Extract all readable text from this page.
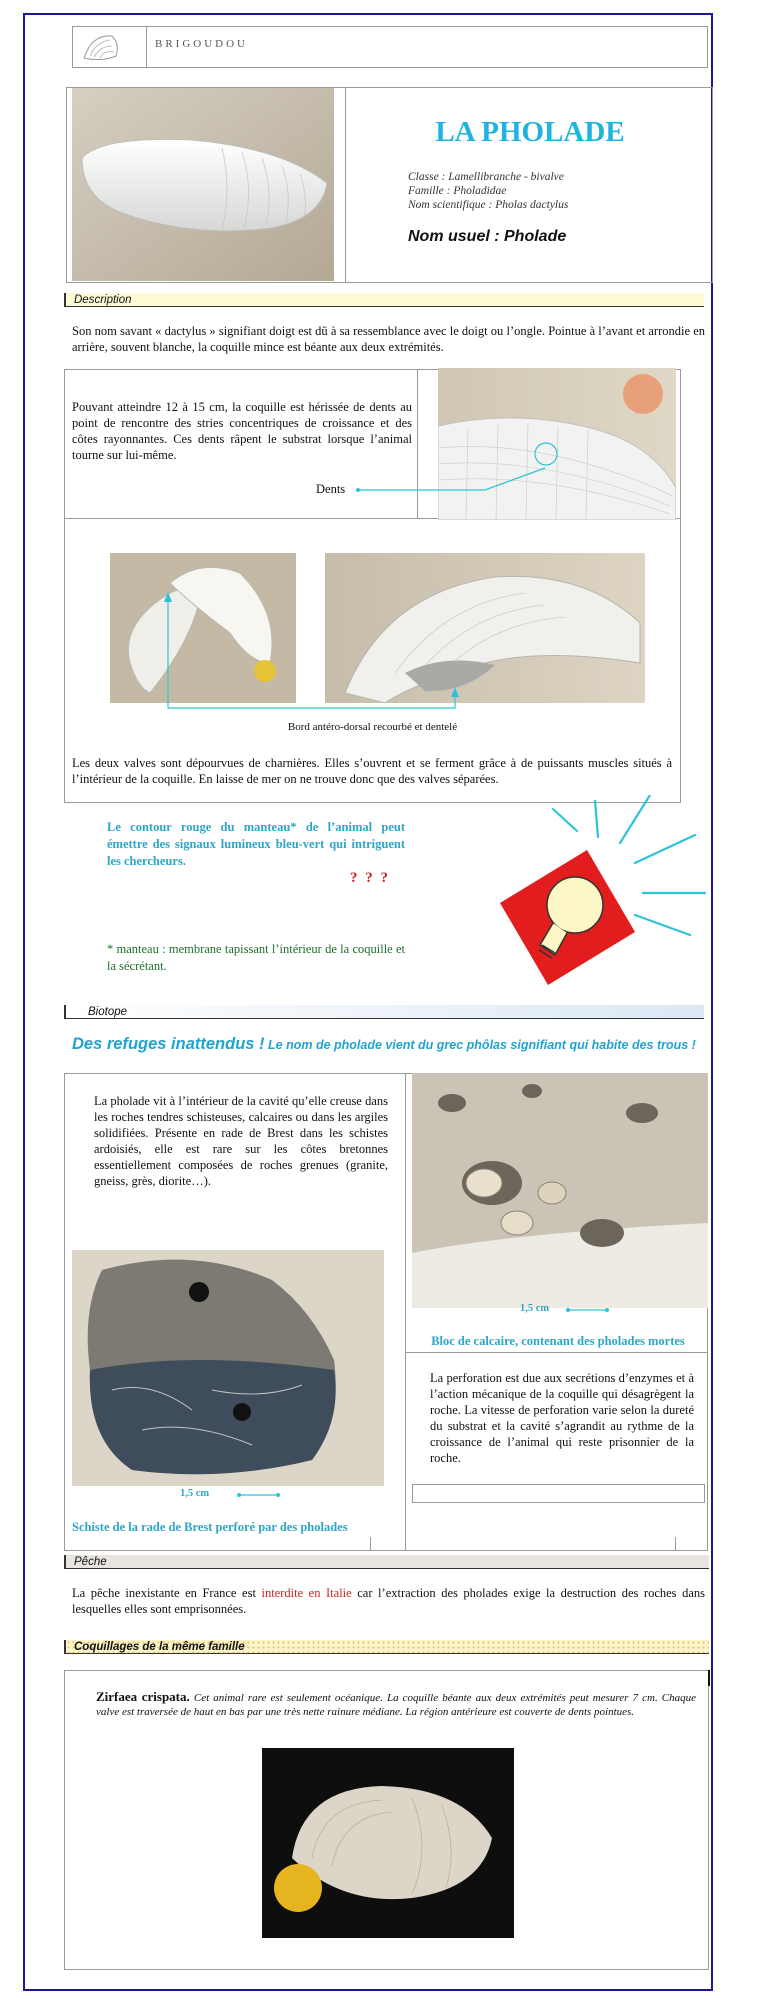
BRIGOUDOU
LA PHOLADE
Classe : Lamellibranche - bivalve
Famille : Pholadidae
Nom scientifique : Pholas dactylus
Nom usuel : Pholade
Description
Son nom savant « dactylus » signifiant doigt est dû à sa ressemblance avec le doigt ou l’ongle. Pointue à l’avant et arrondie en arrière, souvent blanche, la coquille mince est béante aux deux extrémités.
Pouvant atteindre 12 à 15 cm, la coquille est hérissée de dents au point de rencontre des stries concentriques de croissance et des côtes rayonnantes. Ces dents râpent le substrat lorsque l’animal tourne sur lui-même.
Dents
Bord antéro-dorsal recourbé et dentelé
Les deux valves sont dépourvues de charnières. Elles s’ouvrent et se ferment grâce à de puissants muscles situés à l’intérieur de la coquille. En laisse de mer on ne trouve donc que des valves séparées.
Le contour rouge du manteau* de l’animal peut émettre des signaux lumineux bleu-vert qui intriguent les chercheurs.
? ? ?
* manteau : membrane tapissant l’intérieur de la coquille et la sécrétant.
Biotope
Des refuges inattendus ! Le nom de pholade vient du grec phôlas signifiant qui habite des trous !
La pholade vit à l’intérieur de la cavité qu’elle creuse dans les roches tendres schisteuses, calcaires ou dans les argiles solidifiées. Présente en rade de Brest dans les schistes ardoisiés, elle est rare sur les côtes bretonnes essentiellement composées de roches grenues (granite, gneiss, grès, diorite…).
1,5 cm
Bloc de calcaire, contenant des pholades mortes
La perforation est due aux secrétions d’enzymes et à l’action mécanique de la coquille qui désagrègent la roche. La vitesse de perforation varie selon la dureté du substrat et la cavité s’agrandit au rythme de la croissance de l’animal qui reste prisonnier de la roche.
1,5 cm
Schiste de la rade de Brest perforé par des pholades
Pêche
La pêche inexistante en France est interdite en Italie car l’extraction des pholades exige la destruction des roches dans lesquelles elles sont emprisonnées.
Coquillages de la même famille
Zirfaea crispata. Cet animal rare est seulement océanique. La coquille béante aux deux extrémités peut mesurer 7 cm. Chaque valve est traversée de haut en bas par une très nette rainure médiane. La région antérieure est couverte de dents pointues.
